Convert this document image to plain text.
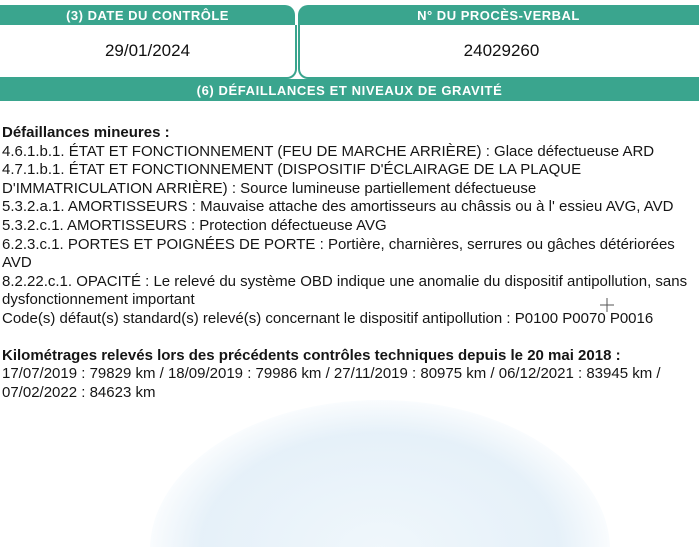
(3) DATE DU CONTRÔLE	N° DU PROCÈS-VERBAL
29/01/2024	24029260
(6) DÉFAILLANCES ET NIVEAUX DE GRAVITÉ

Défaillances mineures :

4.6.1.b.1. ÉTAT ET FONCTIONNEMENT (FEU DE MARCHE ARRIÈRE) : Glace défectueuse ARD

4.7.1.b.1. ÉTAT ET FONCTIONNEMENT (DISPOSITIF D'ÉCLAIRAGE DE LA PLAQUE D'IMMATRICULATION ARRIÈRE) : Source lumineuse partiellement défectueuse

5.3.2.a.1. AMORTISSEURS : Mauvaise attache des amortisseurs au châssis ou à l' essieu AVG, AVD

5.3.2.c.1. AMORTISSEURS : Protection défectueuse AVG

6.2.3.c.1. PORTES ET POIGNÉES DE PORTE : Portière, charnières, serrures ou gâches détériorées AVD

8.2.22.c.1. OPACITÉ : Le relevé du système OBD indique une anomalie du dispositif antipollution, sans dysfonctionnement important

Code(s) défaut(s) standard(s) relevé(s) concernant le dispositif antipollution : P0100 P0070 P0016

Kilométrages relevés lors des précédents contrôles techniques depuis le 20 mai 2018 : 17/07/2019 : 79829 km / 18/09/2019 : 79986 km / 27/11/2019 : 80975 km / 06/12/2021 : 83945 km / 07/02/2022 : 84623 km
